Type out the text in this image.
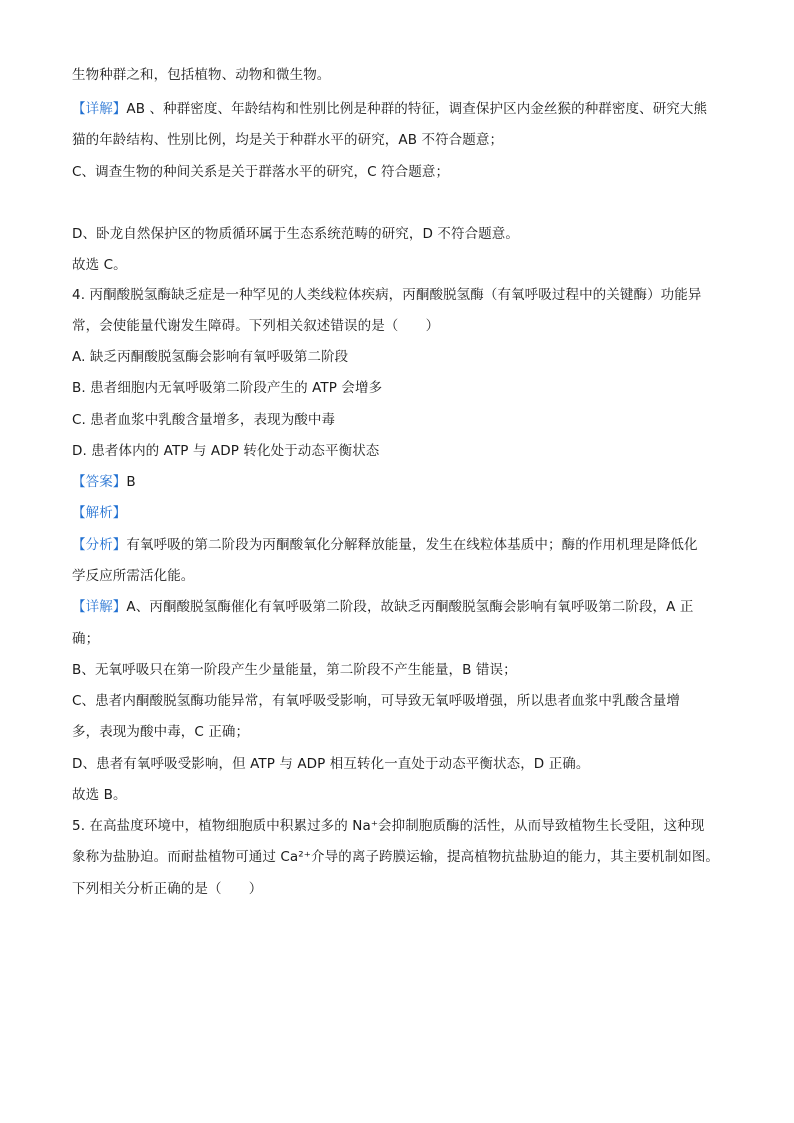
生物种群之和，包括植物、动物和微生物。
【详解】AB 、种群密度、年龄结构和性别比例是种群的特征，调查保护区内金丝猴的种群密度、研究大熊
猫的年龄结构、性别比例，均是关于种群水平的研究，AB 不符合题意；
C、调查生物的种间关系是关于群落水平的研究，C 符合题意；
D、卧龙自然保护区的物质循环属于生态系统范畴的研究，D 不符合题意。
故选 C。
4. 丙酮酸脱氢酶缺乏症是一种罕见的人类线粒体疾病，丙酮酸脱氢酶（有氧呼吸过程中的关键酶）功能异
常，会使能量代谢发生障碍。下列相关叙述错误的是（　　）
A. 缺乏丙酮酸脱氢酶会影响有氧呼吸第二阶段
B. 患者细胞内无氧呼吸第二阶段产生的 ATP 会增多
C. 患者血浆中乳酸含量增多，表现为酸中毒
D. 患者体内的 ATP 与 ADP 转化处于动态平衡状态
【答案】B
【解析】
【分析】有氧呼吸的第二阶段为丙酮酸氧化分解释放能量，发生在线粒体基质中；酶的作用机理是降低化
学反应所需活化能。
【详解】A、丙酮酸脱氢酶催化有氧呼吸第二阶段，故缺乏丙酮酸脱氢酶会影响有氧呼吸第二阶段，A 正
确；
B、无氧呼吸只在第一阶段产生少量能量，第二阶段不产生能量，B 错误；
C、患者内酮酸脱氢酶功能异常，有氧呼吸受影响，可导致无氧呼吸增强，所以患者血浆中乳酸含量增
多，表现为酸中毒，C 正确；
D、患者有氧呼吸受影响，但 ATP 与 ADP 相互转化一直处于动态平衡状态，D 正确。
故选 B。
5. 在高盐度环境中，植物细胞质中积累过多的 Na⁺会抑制胞质酶的活性，从而导致植物生长受阻，这种现
象称为盐胁迫。而耐盐植物可通过 Ca²⁺介导的离子跨膜运输，提高植物抗盐胁迫的能力，其主要机制如图。
下列相关分析正确的是（　　）
